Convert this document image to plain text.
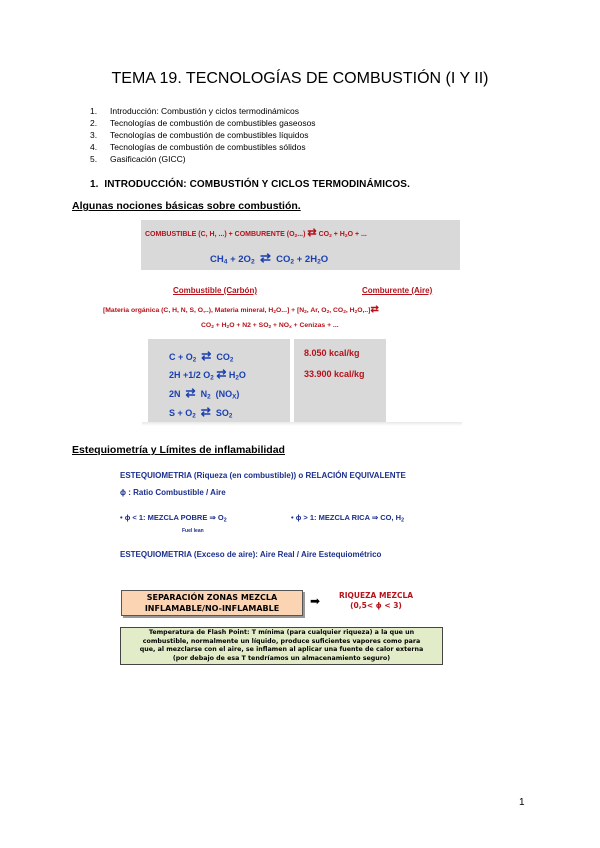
TEMA 19. TECNOLOGÍAS DE COMBUSTIÓN (I Y II)
1.	Introducción: Combustión y ciclos termodinámicos
2.	Tecnologías de combustión de combustibles gaseosos
3.	Tecnologías de combustión de combustibles líquidos
4.	Tecnologías de combustión de combustibles sólidos
5.	Gasificación (GICC)
1. INTRODUCCIÓN: COMBUSTIÓN Y CICLOS TERMODINÁMICOS.
Algunas nociones básicas sobre combustión.
COMBUSTIBLE (C, H, ...) + COMBURENTE $(O_2...)$ ⇄ $CO_2 + H_2O$ + ...
$CH_4 + 2O_2$ ⇄ $CO_2 + 2H_2O$
Combustible (Carbón)	Comburente (Aire)
[Materia orgánica (C, H, N, S, O,..), Materia mineral, $H_2O...] + [N_2$, Ar, $O_2$, $CO_2$, $H_2O,..]⇄$
$CO_2 + H_2O + N2 + SO_2 + NO_x$ + Cenizas + ...
$C + O_2$ ⇄ $CO_2$
2H +1/2 $O_2$ ⇄ $H_2O$
2N ⇄ $N_2$ $(NO_X)$
$S + O_2$ ⇄ $SO_2$
8.050 kcal/kg
33.900 kcal/kg
Estequiometría y Límites de inflamabilidad
ESTEQUIOMETRIA (Riqueza (en combustible)) o RELACIÓN EQUIVALENTE
ϕ : Ratio Combustible / Aire
• ϕ < 1: MEZCLA POBRE ⇒ $O_2$
Fuel lean
• ϕ > 1: MEZCLA RICA ⇒ CO, $H_2$
ESTEQUIOMETRIA (Exceso de aire): Aire Real / Aire Estequiométrico
SEPARACIÓN ZONAS MEZCLA
INFLAMABLE/NO-INFLAMABLE
➡	RIQUEZA MEZCLA
(0,5< ϕ < 3)
Temperatura de Flash Point: T mínima (para cualquier riqueza) a la que un
combustible, normalmente un líquido, produce suficientes vapores como para
que, al mezclarse con el aire, se inflamen al aplicar una fuente de calor externa
(por debajo de esa T tendríamos un almacenamiento seguro)
1
